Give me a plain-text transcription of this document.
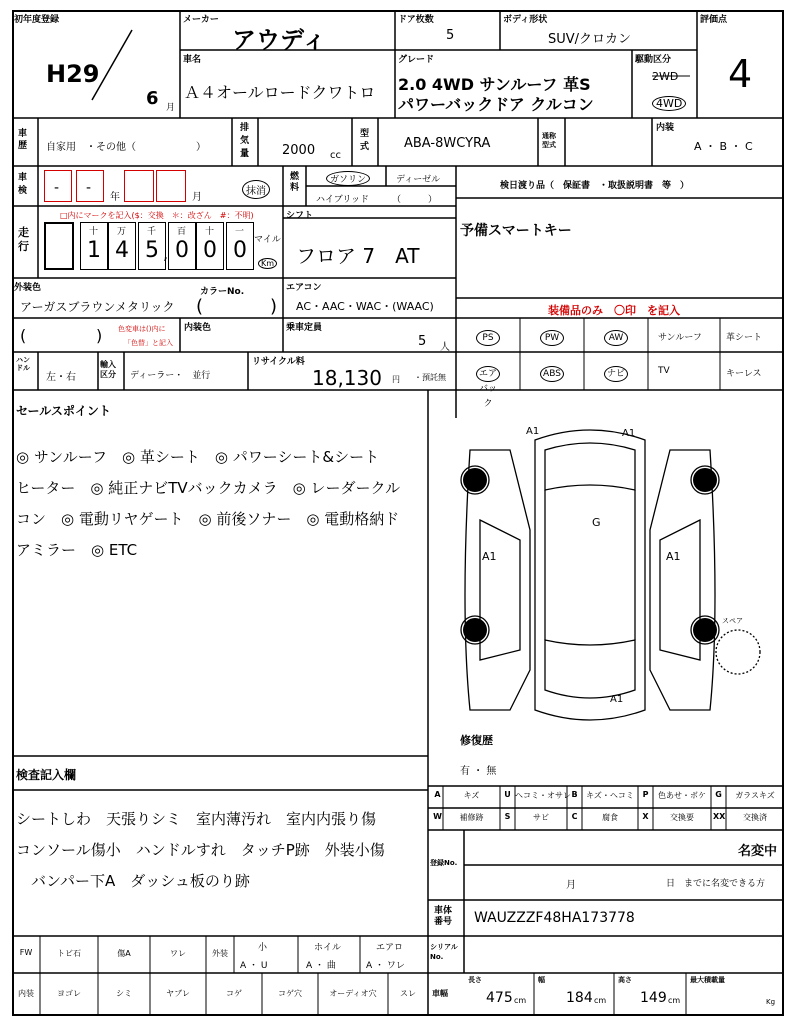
初年度登録
H29
6 月
メーカー
アウディ
ドア枚数
5
ボディ形状
SUV/クロカン
評価点
4
車名
Ａ４オールロードクワトロ
グレード
2.0 4WD サンルーフ 革S
パワーバックドア クルコン
駆動区分
2WD
4WD
車歴	自家用　・その他（　　　　　　）
排気量	2000 cc
型式	ABA-8WCYRA	通称型式
内装
A ・ B ・ C
車検	- -
年	月
抹消
燃料
ガソリン	ディーゼル
ハイブリッド	（　　　）
検日渡り品（　保証書　・取扱説明書　等　）
走行
□内にマークを記入($：交換　＊：改ざん　#：不明)
十
1
万
4
千
5
百
0
十
0
一
0
,
マイル
Km
シフト
フロア 7　AT
予備スマートキー
外装色
アーガスブラウンメタリック
カラーNo.
(	)
(	) 色変車は()内に
「色替」と記入
内装色
エアコン
AC・AAC・WAC・(WAAC)
乗車定員
5 人
装備品のみ　〇印　を記入
PS	PW	AW	サンルーフ	革シート
エアバック
ABS	ナビ	TV	キーレス
ハンドル
左・右
輸入区分	ディーラー・　並行
リサイクル料
18,130 円 ・預託無
セールスポイント
◎ サンルーフ　◎ 革シート　◎ パワーシート&シート
ヒーター　◎ 純正ナビTVバックカメラ　◎ レーダークル
コン　◎ 電動リヤゲート　◎ 前後ソナー　◎ 電動格納ド
アミラー　◎ ETC
A1	A1
G
A1	A1
A1
スペア
修復歴
有 ・ 無
検査記入欄
シートしわ　天張りシミ　室内薄汚れ　室内内張り傷
コンソール傷小　ハンドルすれ　タッチP跡　外装小傷
　バンパー下A　ダッシュ板のり跡
A	キズ	U ヘコミ・オサレ B	キズ・ヘコミ	P	色あせ・ボケ	G	ガラスキズ
W	補修跡	S	サビ	C	腐食	X	交換要	XX	交換済
登録No.
名変中
月	日　までに名変できる方
車体番号	WAUZZZF48HA173778
シリアルNo.
FW	トビ石	傷A	ワレ	外装
小
A ・ U
ホイル
A ・ 曲
エアロ
A ・ ワレ
内装	ヨゴレ	シミ	ヤブレ	コゲ	コゲ穴	オーディオ穴	スレ	車幅
長さ
475 cm
幅
184 cm
高さ
149 cm
最大積載量
Kg
